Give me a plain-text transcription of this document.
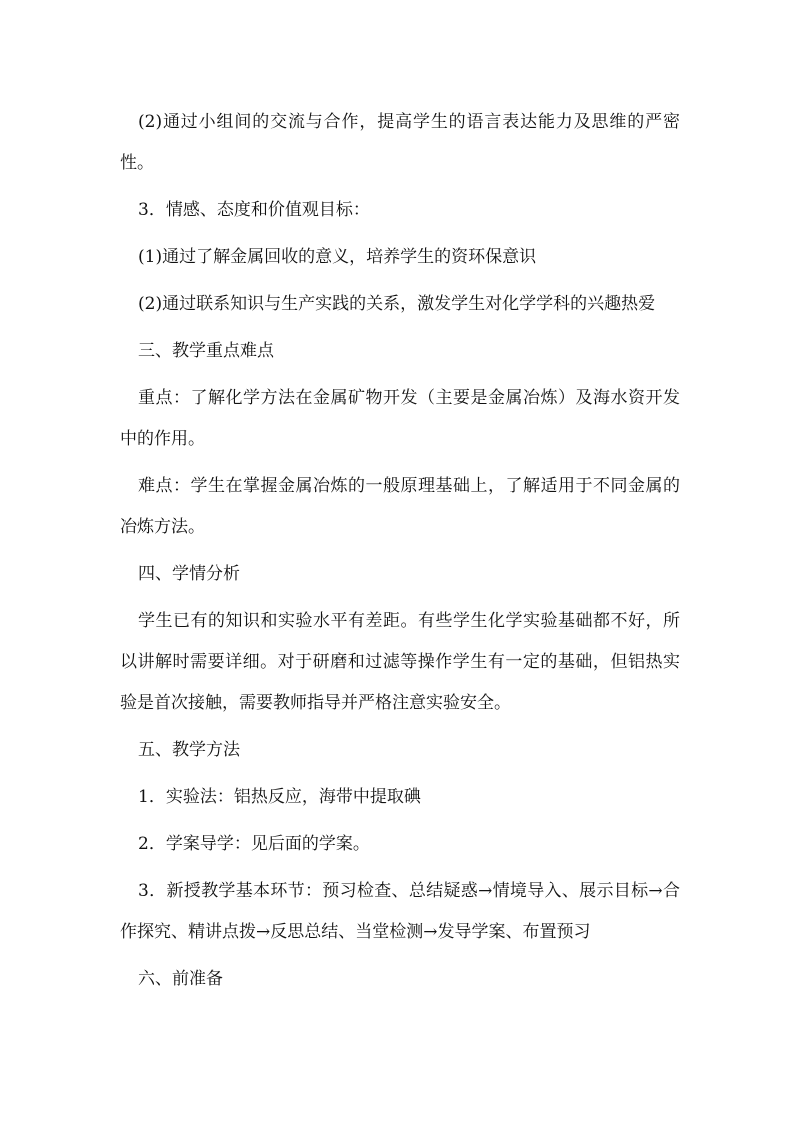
(2)通过小组间的交流与合作，提高学生的语言表达能力及思维的严密性。

3．情感、态度和价值观目标：

(1)通过了解金属回收的意义，培养学生的资环保意识

(2)通过联系知识与生产实践的关系，激发学生对化学学科的兴趣热爱

三、教学重点难点

重点：了解化学方法在金属矿物开发（主要是金属冶炼）及海水资开发中的作用。

难点：学生在掌握金属冶炼的一般原理基础上，了解适用于不同金属的冶炼方法。

四、学情分析

学生已有的知识和实验水平有差距。有些学生化学实验基础都不好，所以讲解时需要详细。对于研磨和过滤等操作学生有一定的基础，但铝热实验是首次接触，需要教师指导并严格注意实验安全。

五、教学方法

1．实验法：铝热反应，海带中提取碘

2．学案导学：见后面的学案。

3．新授教学基本环节：预习检查、总结疑惑→情境导入、展示目标→合作探究、精讲点拨→反思总结、当堂检测→发导学案、布置预习

六、前准备
